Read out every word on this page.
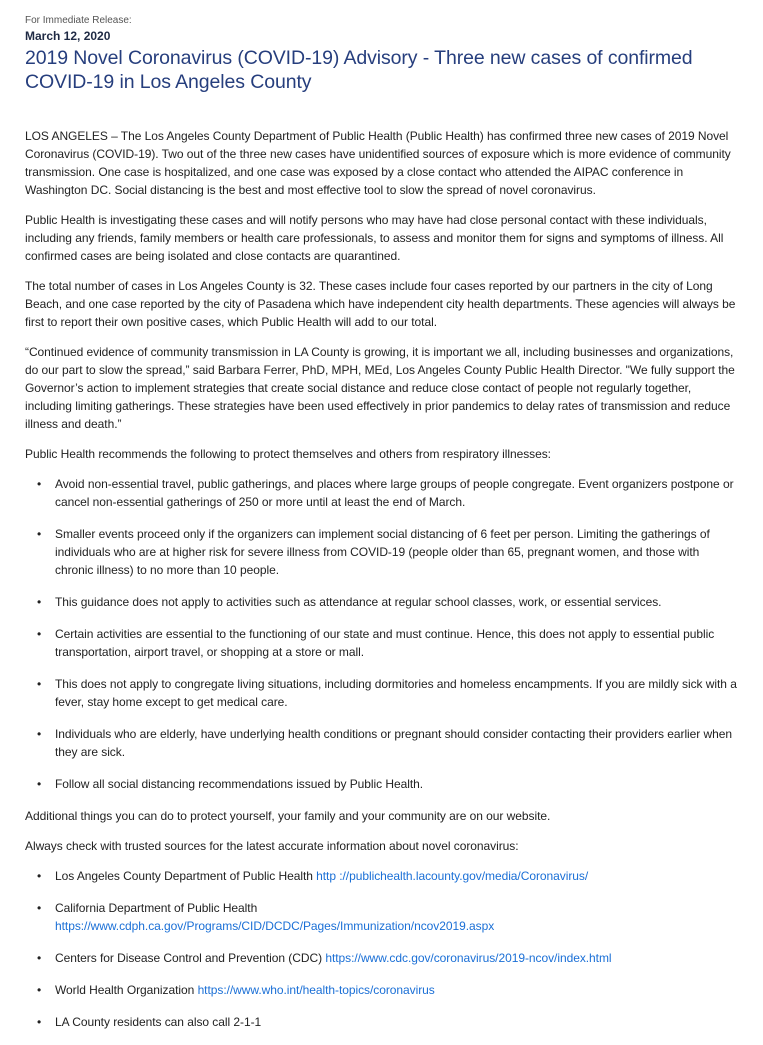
For Immediate Release:
March 12, 2020
2019 Novel Coronavirus (COVID-19) Advisory - Three new cases of confirmed COVID-19 in Los Angeles County

LOS ANGELES – The Los Angeles County Department of Public Health (Public Health) has confirmed three new cases of 2019 Novel Coronavirus (COVID-19). Two out of the three new cases have unidentified sources of exposure which is more evidence of community transmission. One case is hospitalized, and one case was exposed by a close contact who attended the AIPAC conference in Washington DC. Social distancing is the best and most effective tool to slow the spread of novel coronavirus.

Public Health is investigating these cases and will notify persons who may have had close personal contact with these individuals, including any friends, family members or health care professionals, to assess and monitor them for signs and symptoms of illness. All confirmed cases are being isolated and close contacts are quarantined.

The total number of cases in Los Angeles County is 32. These cases include four cases reported by our partners in the city of Long Beach, and one case reported by the city of Pasadena which have independent city health departments. These agencies will always be first to report their own positive cases, which Public Health will add to our total.

“Continued evidence of community transmission in LA County is growing, it is important we all, including businesses and organizations, do our part to slow the spread,” said Barbara Ferrer, PhD, MPH, MEd, Los Angeles County Public Health Director. "We fully support the Governor’s action to implement strategies that create social distance and reduce close contact of people not regularly together, including limiting gatherings. These strategies have been used effectively in prior pandemics to delay rates of transmission and reduce illness and death.”

Public Health recommends the following to protect themselves and others from respiratory illnesses:

• Avoid non-essential travel, public gatherings, and places where large groups of people congregate. Event organizers postpone or cancel non-essential gatherings of 250 or more until at least the end of March.
• Smaller events proceed only if the organizers can implement social distancing of 6 feet per person. Limiting the gatherings of individuals who are at higher risk for severe illness from COVID-19 (people older than 65, pregnant women, and those with chronic illness) to no more than 10 people.
• This guidance does not apply to activities such as attendance at regular school classes, work, or essential services.
• Certain activities are essential to the functioning of our state and must continue. Hence, this does not apply to essential public transportation, airport travel, or shopping at a store or mall.
• This does not apply to congregate living situations, including dormitories and homeless encampments. If you are mildly sick with a fever, stay home except to get medical care.
• Individuals who are elderly, have underlying health conditions or pregnant should consider contacting their providers earlier when they are sick.
• Follow all social distancing recommendations issued by Public Health.

Additional things you can do to protect yourself, your family and your community are on our website.

Always check with trusted sources for the latest accurate information about novel coronavirus:

• Los Angeles County Department of Public Health http ://publichealth.lacounty.gov/media/Coronavirus/
• California Department of Public Health
https://www.cdph.ca.gov/Programs/CID/DCDC/Pages/Immunization/ncov2019.aspx
• Centers for Disease Control and Prevention (CDC) https://www.cdc.gov/coronavirus/2019-ncov/index.html
• World Health Organization https://www.who.int/health-topics/coronavirus
• LA County residents can also call 2-1-1
